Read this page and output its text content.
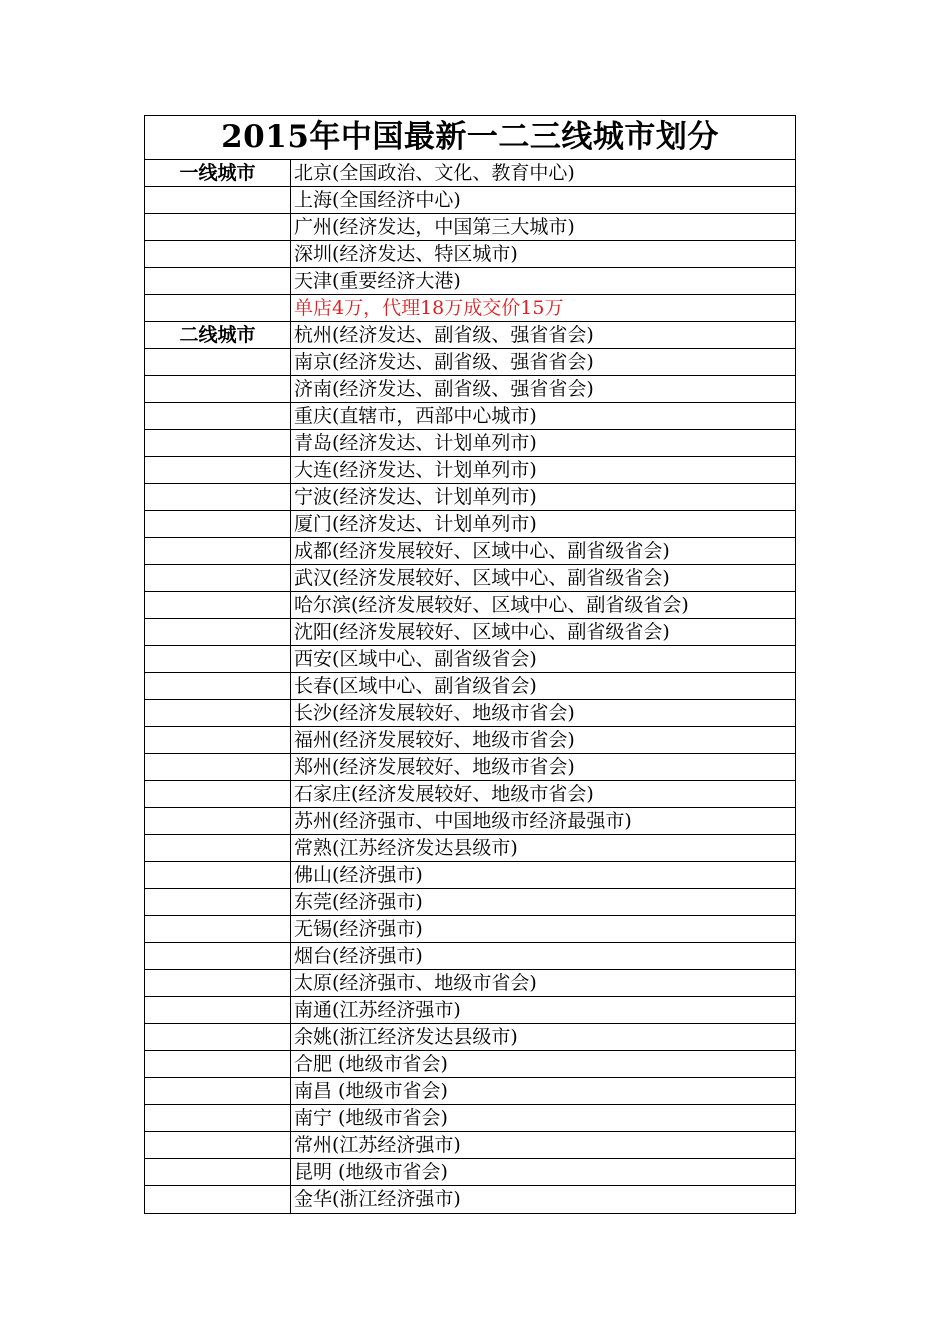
2015年中国最新一二三线城市划分
一线城市	北京(全国政治、文化、教育中心)
上海(全国经济中心)
广州(经济发达，中国第三大城市)
深圳(经济发达、特区城市)
天津(重要经济大港)
单店4万，代理18万成交价15万
二线城市	杭州(经济发达、副省级、强省省会)
南京(经济发达、副省级、强省省会)
济南(经济发达、副省级、强省省会)
重庆(直辖市，西部中心城市)
青岛(经济发达、计划单列市)
大连(经济发达、计划单列市)
宁波(经济发达、计划单列市)
厦门(经济发达、计划单列市)
成都(经济发展较好、区域中心、副省级省会)
武汉(经济发展较好、区域中心、副省级省会)
哈尔滨(经济发展较好、区域中心、副省级省会)
沈阳(经济发展较好、区域中心、副省级省会)
西安(区域中心、副省级省会)
长春(区域中心、副省级省会)
长沙(经济发展较好、地级市省会)
福州(经济发展较好、地级市省会)
郑州(经济发展较好、地级市省会)
石家庄(经济发展较好、地级市省会)
苏州(经济强市、中国地级市经济最强市)
常熟(江苏经济发达县级市)
佛山(经济强市)
东莞(经济强市)
无锡(经济强市)
烟台(经济强市)
太原(经济强市、地级市省会)
南通(江苏经济强市)
余姚(浙江经济发达县级市)
合肥 (地级市省会)
南昌 (地级市省会)
南宁 (地级市省会)
常州(江苏经济强市)
昆明 (地级市省会)
金华(浙江经济强市)
